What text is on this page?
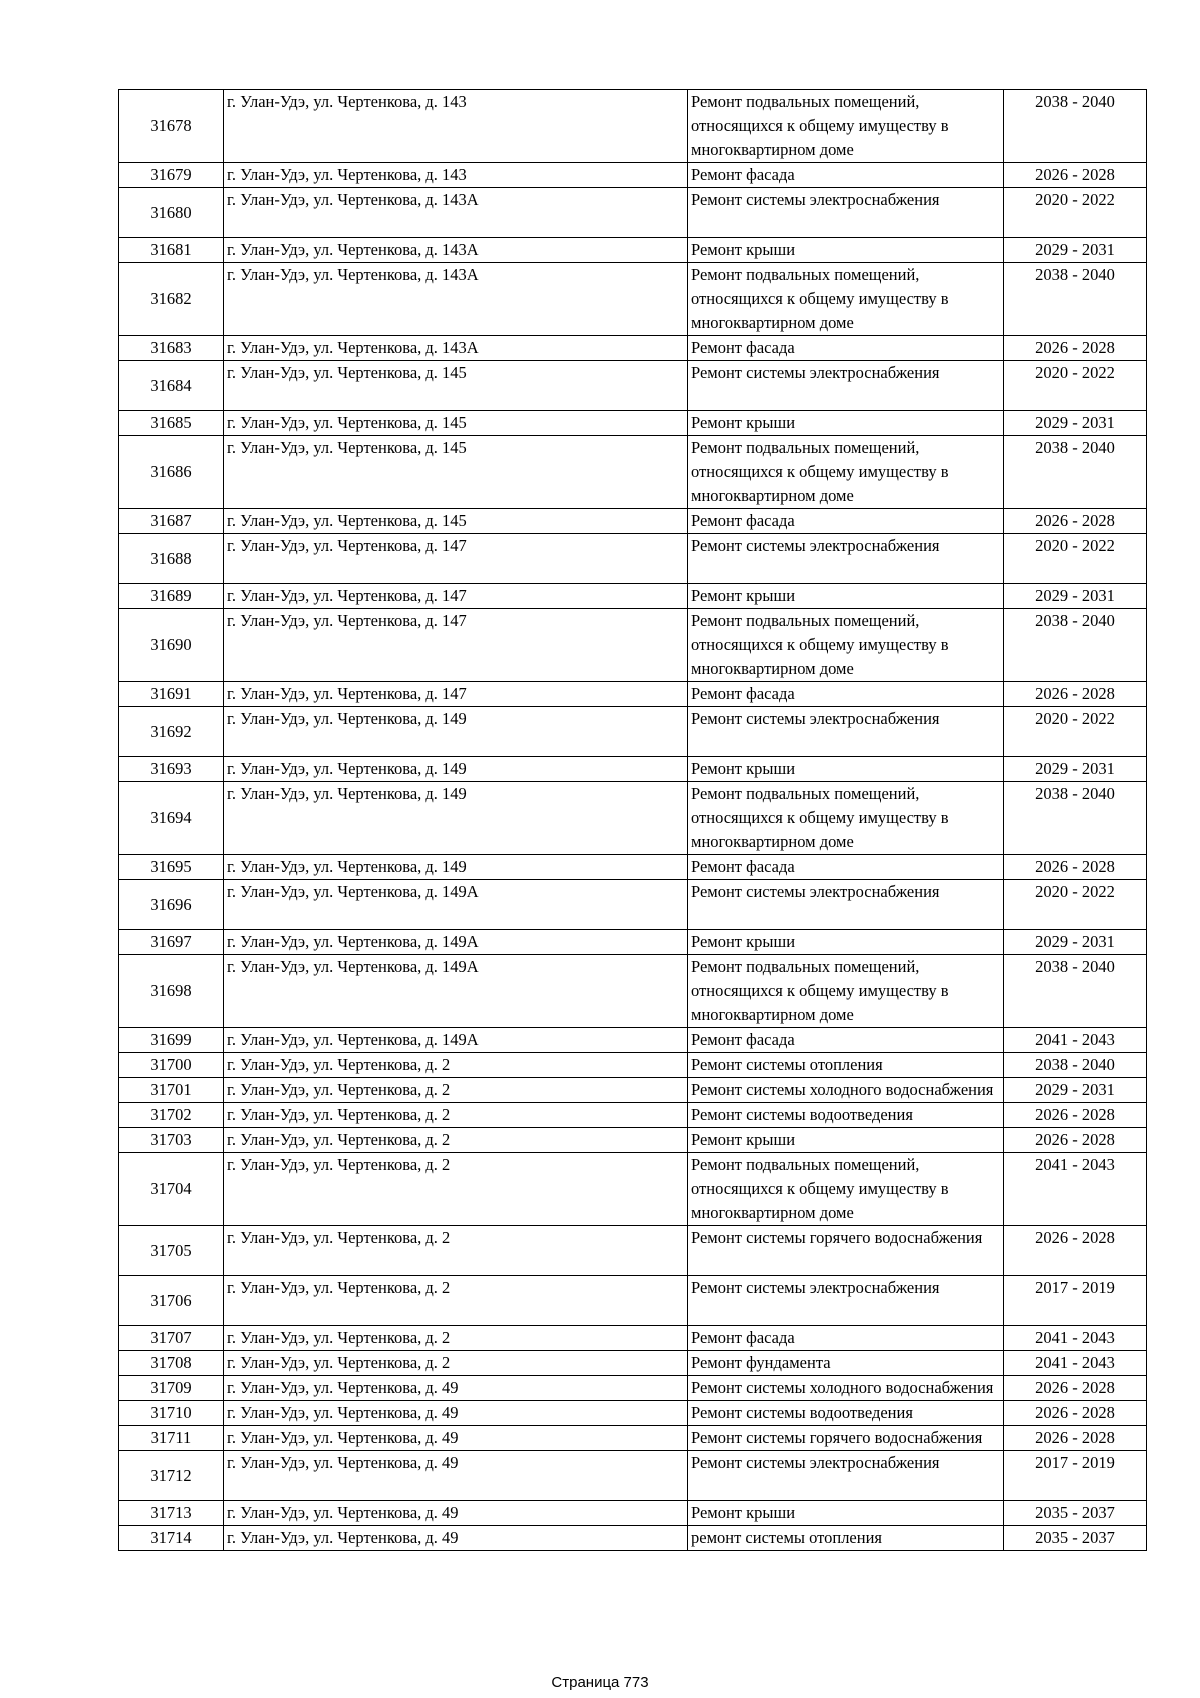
31678	г. Улан-Удэ, ул. Чертенкова, д. 143	Ремонт подвальных помещений, относящихся к общему имуществу в многоквартирном доме	2038 - 2040
31679	г. Улан-Удэ, ул. Чертенкова, д. 143	Ремонт фасада	2026 - 2028
31680	г. Улан-Удэ, ул. Чертенкова, д. 143А	Ремонт системы электроснабжения	2020 - 2022
31681	г. Улан-Удэ, ул. Чертенкова, д. 143А	Ремонт крыши	2029 - 2031
31682	г. Улан-Удэ, ул. Чертенкова, д. 143А	Ремонт подвальных помещений, относящихся к общему имуществу в многоквартирном доме	2038 - 2040
31683	г. Улан-Удэ, ул. Чертенкова, д. 143А	Ремонт фасада	2026 - 2028
31684	г. Улан-Удэ, ул. Чертенкова, д. 145	Ремонт системы электроснабжения	2020 - 2022
31685	г. Улан-Удэ, ул. Чертенкова, д. 145	Ремонт крыши	2029 - 2031
31686	г. Улан-Удэ, ул. Чертенкова, д. 145	Ремонт подвальных помещений, относящихся к общему имуществу в многоквартирном доме	2038 - 2040
31687	г. Улан-Удэ, ул. Чертенкова, д. 145	Ремонт фасада	2026 - 2028
31688	г. Улан-Удэ, ул. Чертенкова, д. 147	Ремонт системы электроснабжения	2020 - 2022
31689	г. Улан-Удэ, ул. Чертенкова, д. 147	Ремонт крыши	2029 - 2031
31690	г. Улан-Удэ, ул. Чертенкова, д. 147	Ремонт подвальных помещений, относящихся к общему имуществу в многоквартирном доме	2038 - 2040
31691	г. Улан-Удэ, ул. Чертенкова, д. 147	Ремонт фасада	2026 - 2028
31692	г. Улан-Удэ, ул. Чертенкова, д. 149	Ремонт системы электроснабжения	2020 - 2022
31693	г. Улан-Удэ, ул. Чертенкова, д. 149	Ремонт крыши	2029 - 2031
31694	г. Улан-Удэ, ул. Чертенкова, д. 149	Ремонт подвальных помещений, относящихся к общему имуществу в многоквартирном доме	2038 - 2040
31695	г. Улан-Удэ, ул. Чертенкова, д. 149	Ремонт фасада	2026 - 2028
31696	г. Улан-Удэ, ул. Чертенкова, д. 149А	Ремонт системы электроснабжения	2020 - 2022
31697	г. Улан-Удэ, ул. Чертенкова, д. 149А	Ремонт крыши	2029 - 2031
31698	г. Улан-Удэ, ул. Чертенкова, д. 149А	Ремонт подвальных помещений, относящихся к общему имуществу в многоквартирном доме	2038 - 2040
31699	г. Улан-Удэ, ул. Чертенкова, д. 149А	Ремонт фасада	2041 - 2043
31700	г. Улан-Удэ, ул. Чертенкова, д. 2	Ремонт системы отопления	2038 - 2040
31701	г. Улан-Удэ, ул. Чертенкова, д. 2	Ремонт системы холодного водоснабжения	2029 - 2031
31702	г. Улан-Удэ, ул. Чертенкова, д. 2	Ремонт системы водоотведения	2026 - 2028
31703	г. Улан-Удэ, ул. Чертенкова, д. 2	Ремонт крыши	2026 - 2028
31704	г. Улан-Удэ, ул. Чертенкова, д. 2	Ремонт подвальных помещений, относящихся к общему имуществу в многоквартирном доме	2041 - 2043
31705	г. Улан-Удэ, ул. Чертенкова, д. 2	Ремонт системы горячего водоснабжения	2026 - 2028
31706	г. Улан-Удэ, ул. Чертенкова, д. 2	Ремонт системы электроснабжения	2017 - 2019
31707	г. Улан-Удэ, ул. Чертенкова, д. 2	Ремонт фасада	2041 - 2043
31708	г. Улан-Удэ, ул. Чертенкова, д. 2	Ремонт фундамента	2041 - 2043
31709	г. Улан-Удэ, ул. Чертенкова, д. 49	Ремонт системы холодного водоснабжения	2026 - 2028
31710	г. Улан-Удэ, ул. Чертенкова, д. 49	Ремонт системы водоотведения	2026 - 2028
31711	г. Улан-Удэ, ул. Чертенкова, д. 49	Ремонт системы горячего водоснабжения	2026 - 2028
31712	г. Улан-Удэ, ул. Чертенкова, д. 49	Ремонт системы электроснабжения	2017 - 2019
31713	г. Улан-Удэ, ул. Чертенкова, д. 49	Ремонт крыши	2035 - 2037
31714	г. Улан-Удэ, ул. Чертенкова, д. 49	ремонт системы отопления	2035 - 2037
Страница 773
